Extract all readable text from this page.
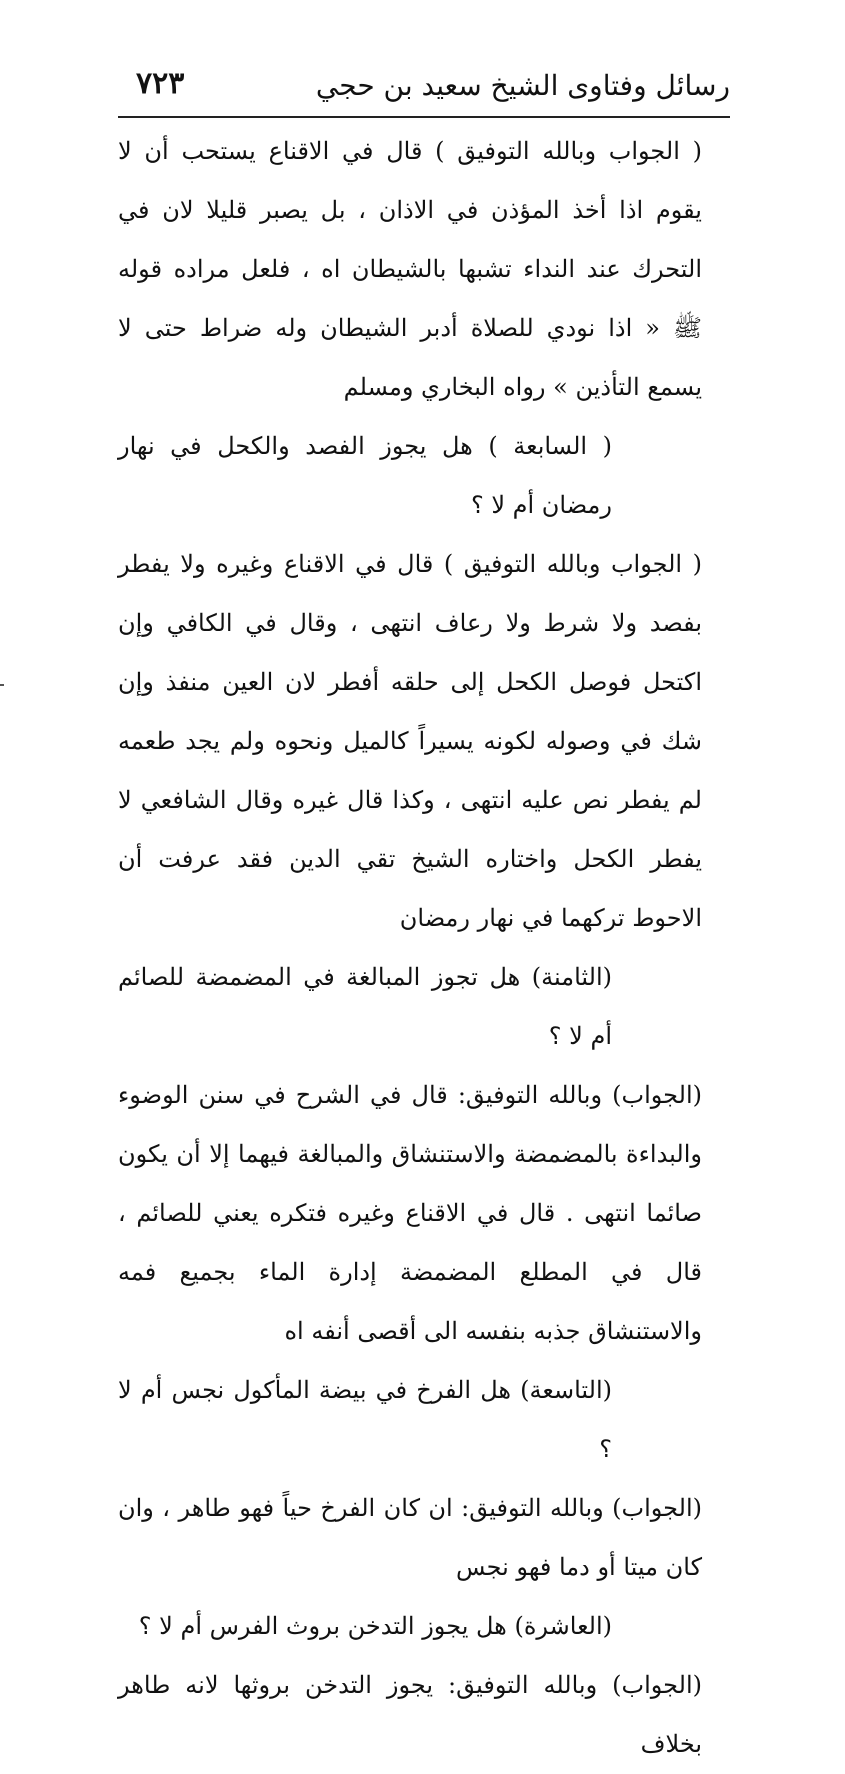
رسائل وفتاوى الشيخ سعيد بن حجي
٧٢٣

( الجواب وبالله التوفيق ) قال في الاقناع يستحب أن لا يقوم اذا أخذ المؤذن في الاذان ، بل يصبر قليلا لان في التحرك عند النداء تشبها بالشيطان اه ، فلعل مراده قوله ﷺ « اذا نودي للصلاة أدبر الشيطان وله ضراط حتى لا يسمع التأذين » رواه البخاري ومسلم

( السابعة ) هل يجوز الفصد والكحل في نهار رمضان أم لا ؟

( الجواب وبالله التوفيق ) قال في الاقناع وغيره ولا يفطر بفصد ولا شرط ولا رعاف انتهى ، وقال في الكافي وإن اكتحل فوصل الكحل إلى حلقه أفطر لان العين منفذ وإن شك في وصوله لكونه يسيراً كالميل ونحوه ولم يجد طعمه لم يفطر نص عليه انتهى ، وكذا قال غيره وقال الشافعي لا يفطر الكحل واختاره الشيخ تقي الدين فقد عرفت أن الاحوط تركهما في نهار رمضان

(الثامنة) هل تجوز المبالغة في المضمضة للصائم أم لا ؟

(الجواب) وبالله التوفيق: قال في الشرح في سنن الوضوء والبداءة بالمضمضة والاستنشاق والمبالغة فيهما إلا أن يكون صائما انتهى . قال في الاقناع وغيره فتكره يعني للصائم ، قال في المطلع المضمضة إدارة الماء بجميع فمه والاستنشاق جذبه بنفسه الى أقصى أنفه اه

(التاسعة) هل الفرخ في بيضة المأكول نجس أم لا ؟

(الجواب) وبالله التوفيق: ان كان الفرخ حياً فهو طاهر ، وان كان ميتا أو دما فهو نجس

(العاشرة) هل يجوز التدخن بروث الفرس أم لا ؟

(الجواب) وبالله التوفيق: يجوز التدخن بروثها لانه طاهر بخلاف
